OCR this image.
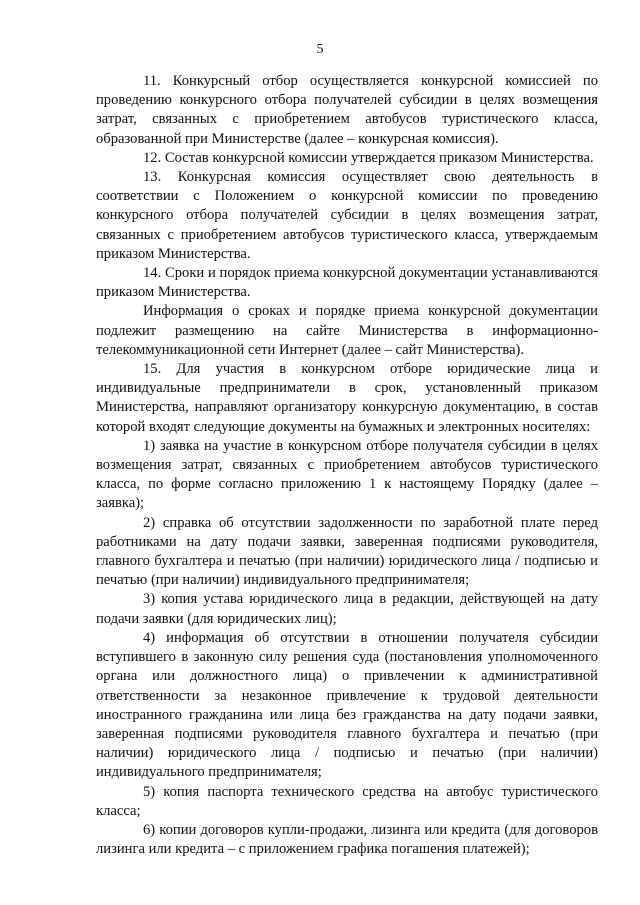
5

11. Конкурсный отбор осуществляется конкурсной комиссией по проведению конкурсного отбора получателей субсидии в целях возмещения затрат, связанных с приобретением автобусов туристического класса, образованной при Министерстве (далее – конкурсная комиссия).

12. Состав конкурсной комиссии утверждается приказом Министерства.

13. Конкурсная комиссия осуществляет свою деятельность в соответствии с Положением о конкурсной комиссии по проведению конкурсного отбора получателей субсидии в целях возмещения затрат, связанных с приобретением автобусов туристического класса, утверждаемым приказом Министерства.

14. Сроки и порядок приема конкурсной документации устанавливаются приказом Министерства.

Информация о сроках и порядке приема конкурсной документации подлежит размещению на сайте Министерства в информационно-телекоммуникационной сети Интернет (далее – сайт Министерства).

15. Для участия в конкурсном отборе юридические лица и индивидуальные предприниматели в срок, установленный приказом Министерства, направляют организатору конкурсную документацию, в состав которой входят следующие документы на бумажных и электронных носителях:

1) заявка на участие в конкурсном отборе получателя субсидии в целях возмещения затрат, связанных с приобретением автобусов туристического класса, по форме согласно приложению 1 к настоящему Порядку (далее – заявка);

2) справка об отсутствии задолженности по заработной плате перед работниками на дату подачи заявки, заверенная подписями руководителя, главного бухгалтера и печатью (при наличии) юридического лица / подписью и печатью (при наличии) индивидуального предпринимателя;

3) копия устава юридического лица в редакции, действующей на дату подачи заявки (для юридических лиц);

4) информация об отсутствии в отношении получателя субсидии вступившего в законную силу решения суда (постановления уполномоченного органа или должностного лица) о привлечении к административной ответственности за незаконное привлечение к трудовой деятельности иностранного гражданина или лица без гражданства на дату подачи заявки, заверенная подписями руководителя главного бухгалтера и печатью (при наличии) юридического лица / подписью и печатью (при наличии) индивидуального предпринимателя;

5) копия паспорта технического средства на автобус туристического класса;

6) копии договоров купли-продажи, лизинга или кредита (для договоров лизинга или кредита – с приложением графика погашения платежей);
